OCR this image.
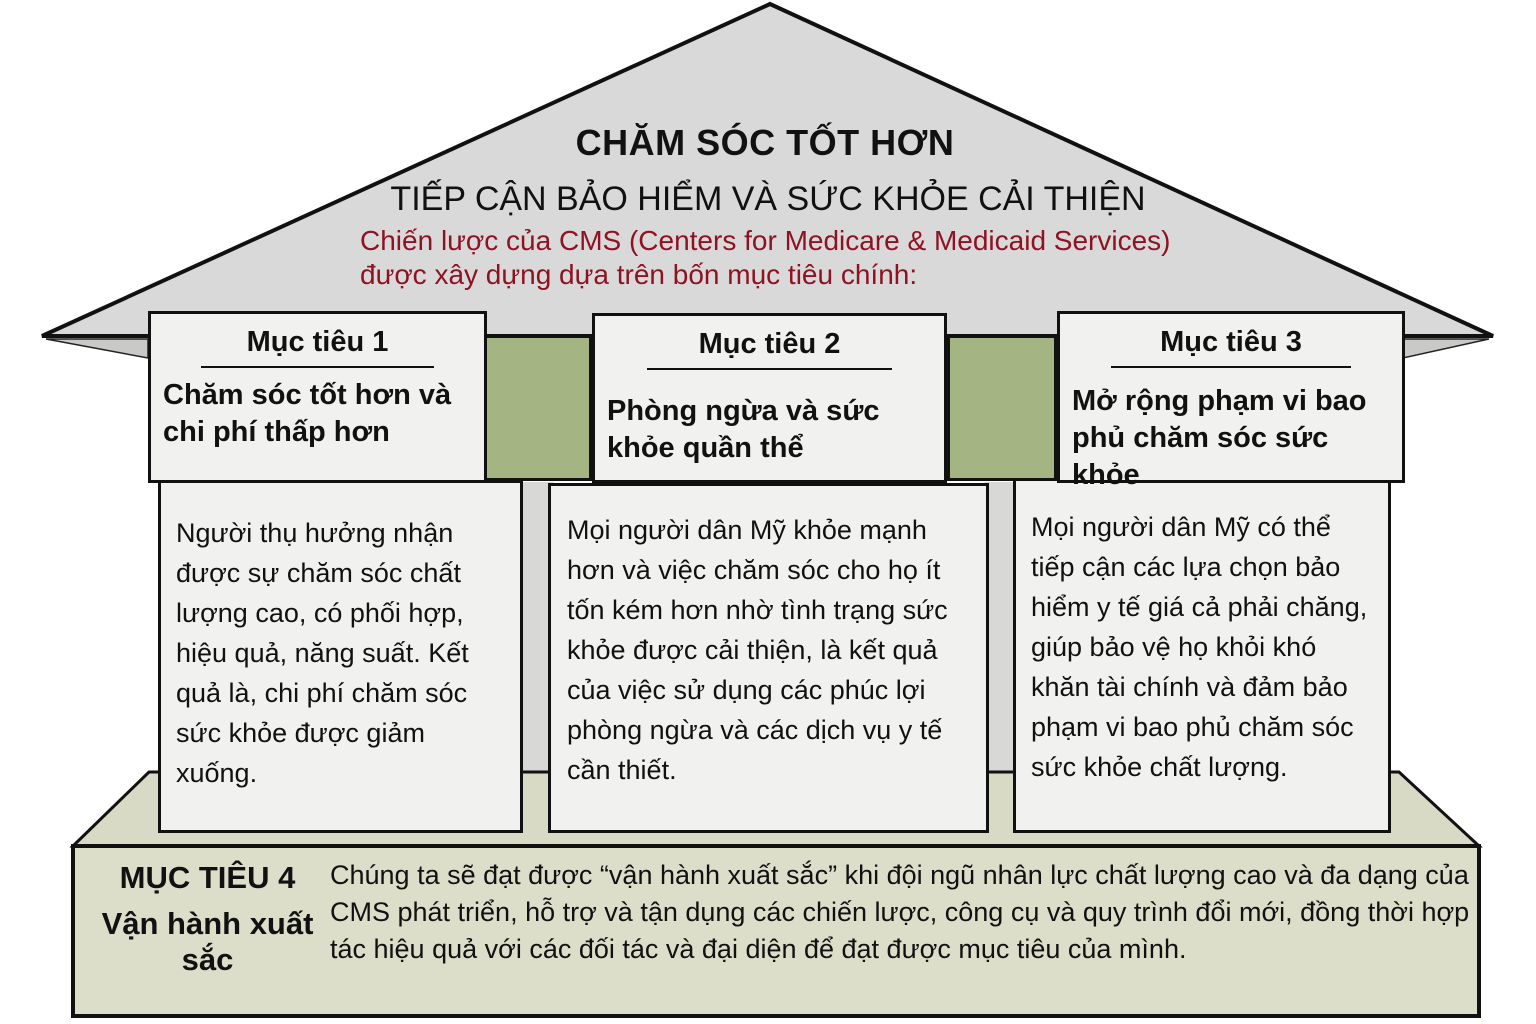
CHĂM SÓC TỐT HƠN
TIẾP CẬN BẢO HIỂM VÀ SỨC KHỎE CẢI THIỆN
Chiến lược của CMS (Centers for Medicare & Medicaid Services)
được xây dựng dựa trên bốn mục tiêu chính:
Người thụ hưởng nhận được sự chăm sóc chất lượng cao, có phối hợp, hiệu quả, năng suất. Kết quả là, chi phí chăm sóc sức khỏe được giảm xuống.
Mọi người dân Mỹ khỏe mạnh hơn và việc chăm sóc cho họ ít tốn kém hơn nhờ tình trạng sức khỏe được cải thiện, là kết quả của việc sử dụng các phúc lợi phòng ngừa và các dịch vụ y tế cần thiết.
Mọi người dân Mỹ có thể tiếp cận các lựa chọn bảo hiểm y tế giá cả phải chăng, giúp bảo vệ họ khỏi khó khăn tài chính và đảm bảo phạm vi bao phủ chăm sóc sức khỏe chất lượng.
Mục tiêu 1
Chăm sóc tốt hơn và chi phí thấp hơn
Mục tiêu 2
Phòng ngừa và sức khỏe quần thể
Mục tiêu 3
Mở rộng phạm vi bao phủ chăm sóc sức khỏe
MỤC TIÊU 4
Vận hành xuất sắc
Chúng ta sẽ đạt được “vận hành xuất sắc” khi đội ngũ nhân lực chất lượng cao và đa dạng của CMS phát triển, hỗ trợ và tận dụng các chiến lược, công cụ và quy trình đổi mới, đồng thời hợp tác hiệu quả với các đối tác và đại diện để đạt được mục tiêu của mình.
